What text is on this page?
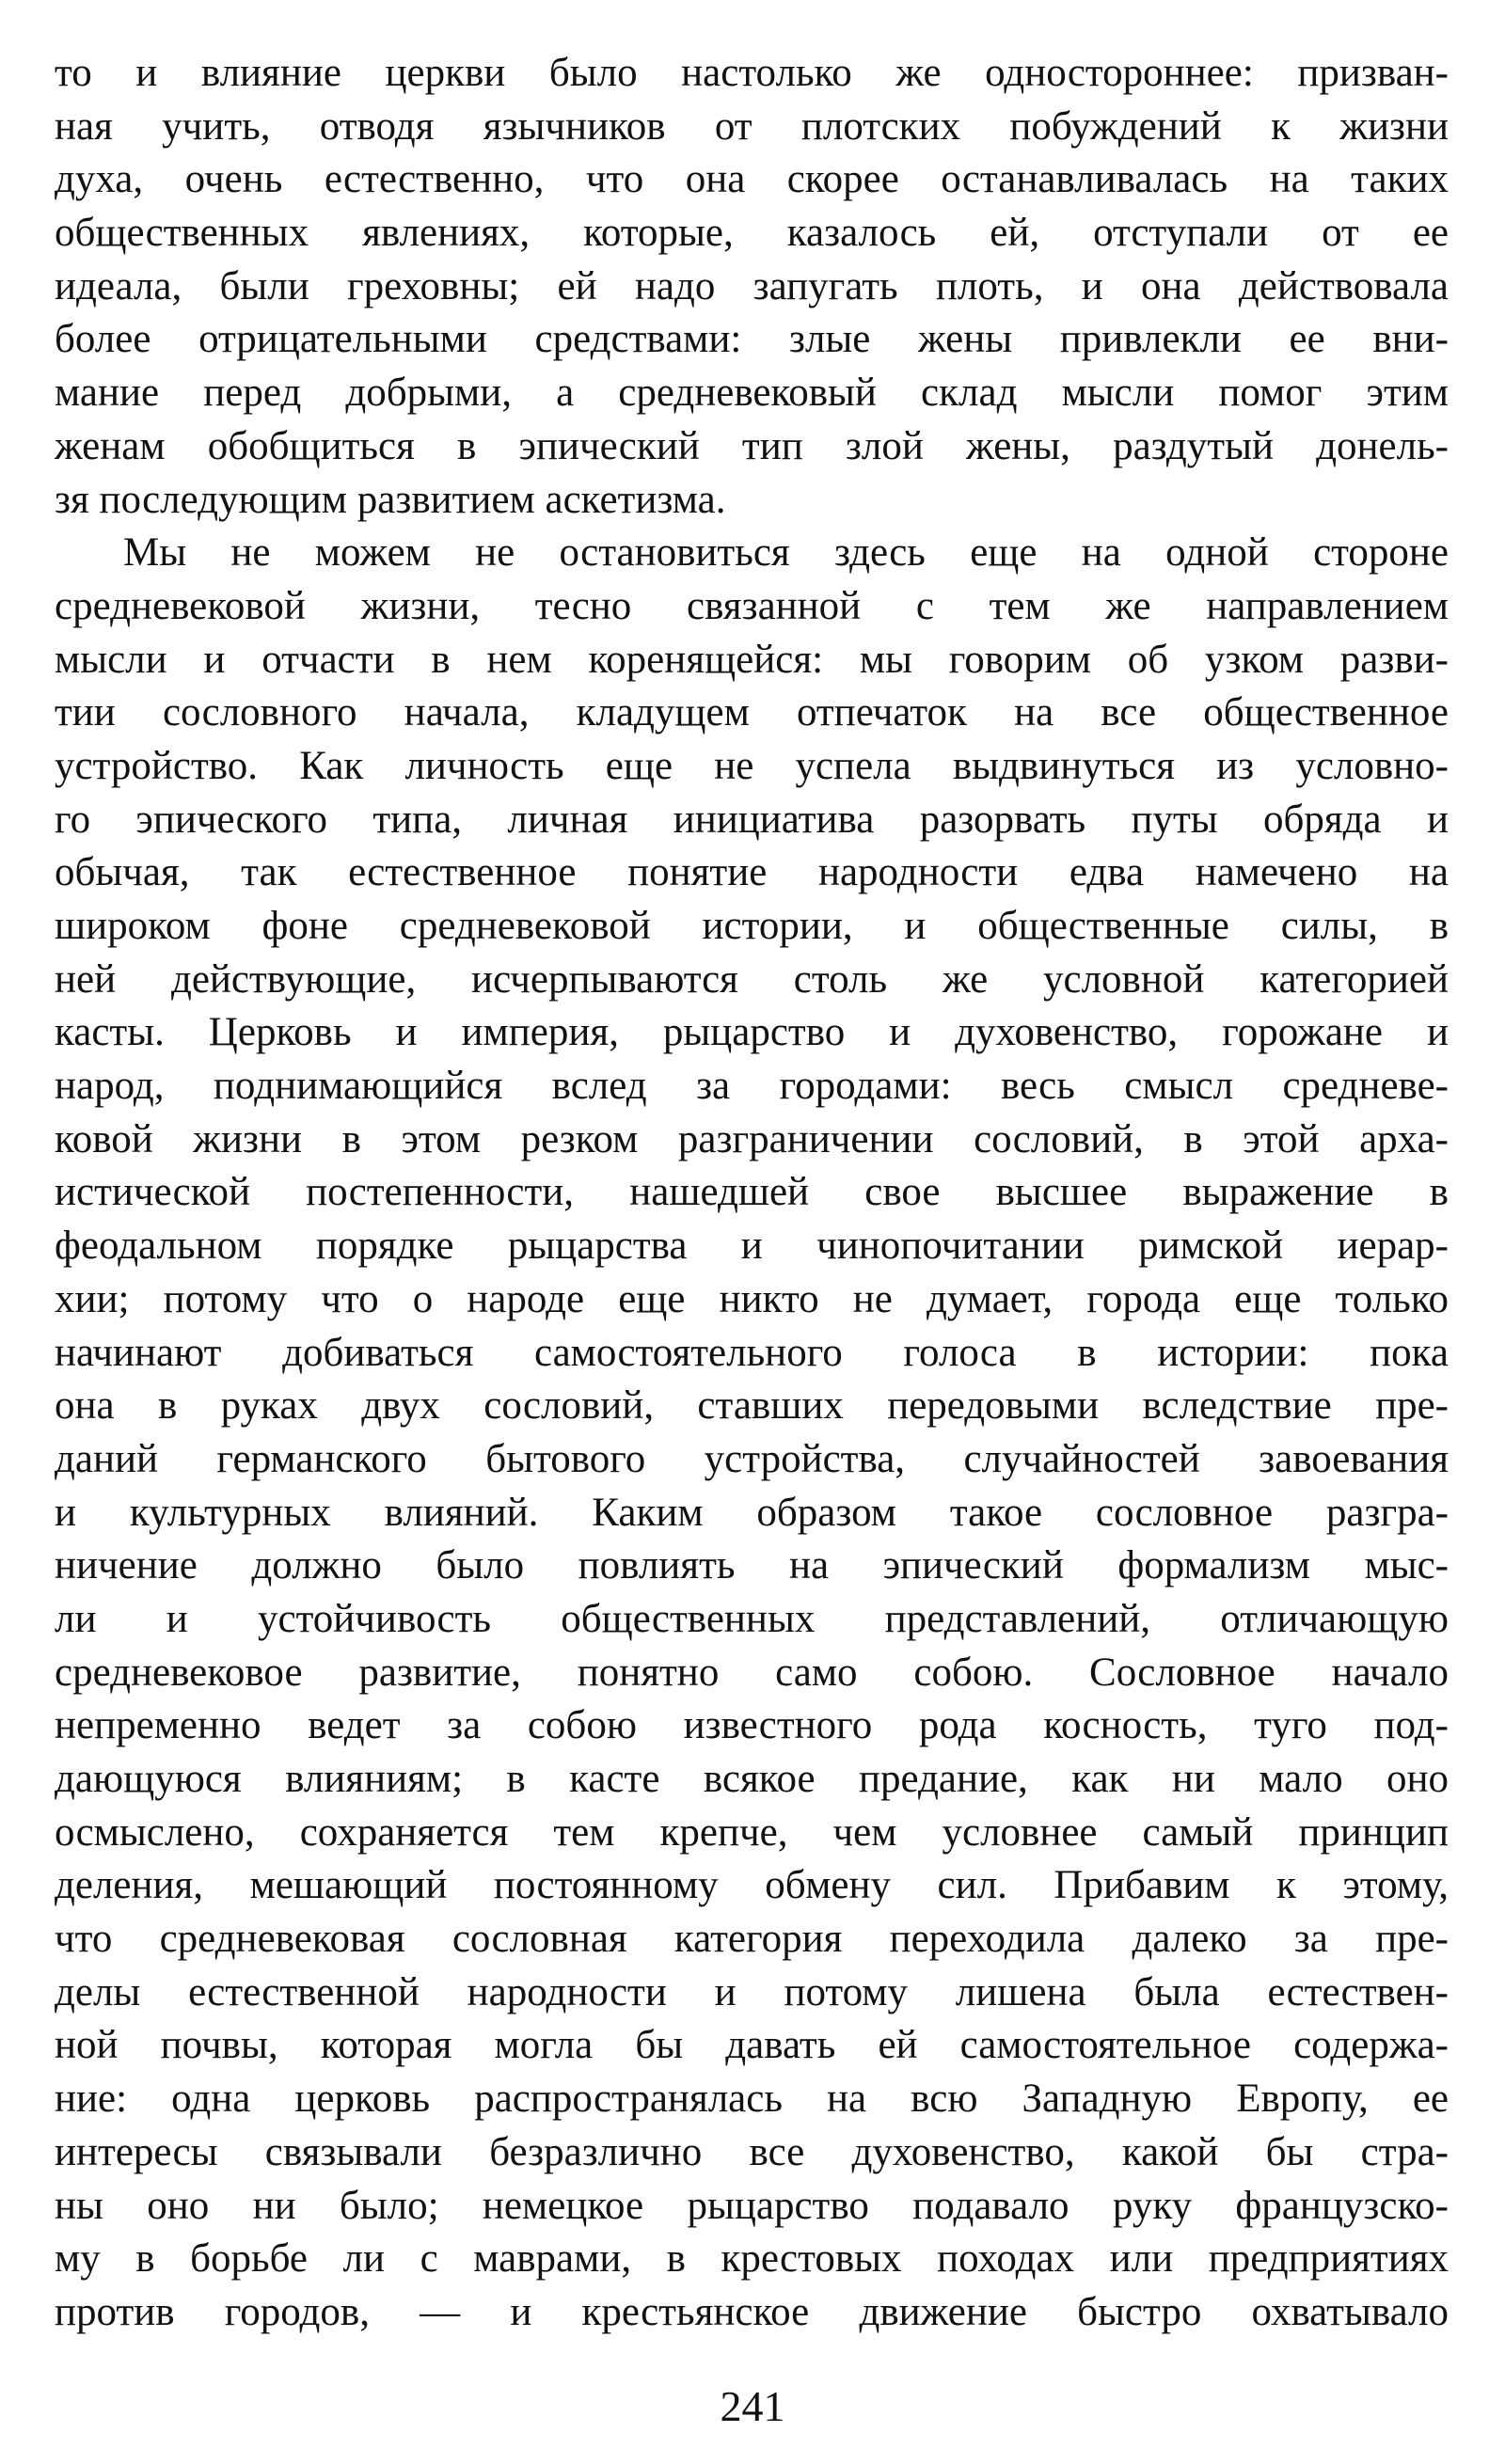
то и влияние церкви было настолько же одностороннее: призван-
ная учить, отводя язычников от плотских побуждений к жизни
духа, очень естественно, что она скорее останавливалась на таких
общественных явлениях, которые, казалось ей, отступали от ее
идеала, были греховны; ей надо запугать плоть, и она действовала
более отрицательными средствами: злые жены привлекли ее вни-
мание перед добрыми, а средневековый склад мысли помог этим
женам обобщиться в эпический тип злой жены, раздутый донель-
зя последующим развитием аскетизма.
Мы не можем не остановиться здесь еще на одной стороне
средневековой жизни, тесно связанной с тем же направлением
мысли и отчасти в нем коренящейся: мы говорим об узком разви-
тии сословного начала, кладущем отпечаток на все общественное
устройство. Как личность еще не успела выдвинуться из условно-
го эпического типа, личная инициатива разорвать путы обряда и
обычая, так естественное понятие народности едва намечено на
широком фоне средневековой истории, и общественные силы, в
ней действующие, исчерпываются столь же условной категорией
касты. Церковь и империя, рыцарство и духовенство, горожане и
народ, поднимающийся вслед за городами: весь смысл средневе-
ковой жизни в этом резком разграничении сословий, в этой арха-
истической постепенности, нашедшей свое высшее выражение в
феодальном порядке рыцарства и чинопочитании римской иерар-
хии; потому что о народе еще никто не думает, города еще только
начинают добиваться самостоятельного голоса в истории: пока
она в руках двух сословий, ставших передовыми вследствие пре-
даний германского бытового устройства, случайностей завоевания
и культурных влияний. Каким образом такое сословное разгра-
ничение должно было повлиять на эпический формализм мыс-
ли и устойчивость общественных представлений, отличающую
средневековое развитие, понятно само собою. Сословное начало
непременно ведет за собою известного рода косность, туго под-
дающуюся влияниям; в касте всякое предание, как ни мало оно
осмыслено, сохраняется тем крепче, чем условнее самый принцип
деления, мешающий постоянному обмену сил. Прибавим к этому,
что средневековая сословная категория переходила далеко за пре-
делы естественной народности и потому лишена была естествен-
ной почвы, которая могла бы давать ей самостоятельное содержа-
ние: одна церковь распространялась на всю Западную Европу, ее
интересы связывали безразлично все духовенство, какой бы стра-
ны оно ни было; немецкое рыцарство подавало руку французско-
му в борьбе ли с маврами, в крестовых походах или предприятиях
против городов, — и крестьянское движение быстро охватывало
241
